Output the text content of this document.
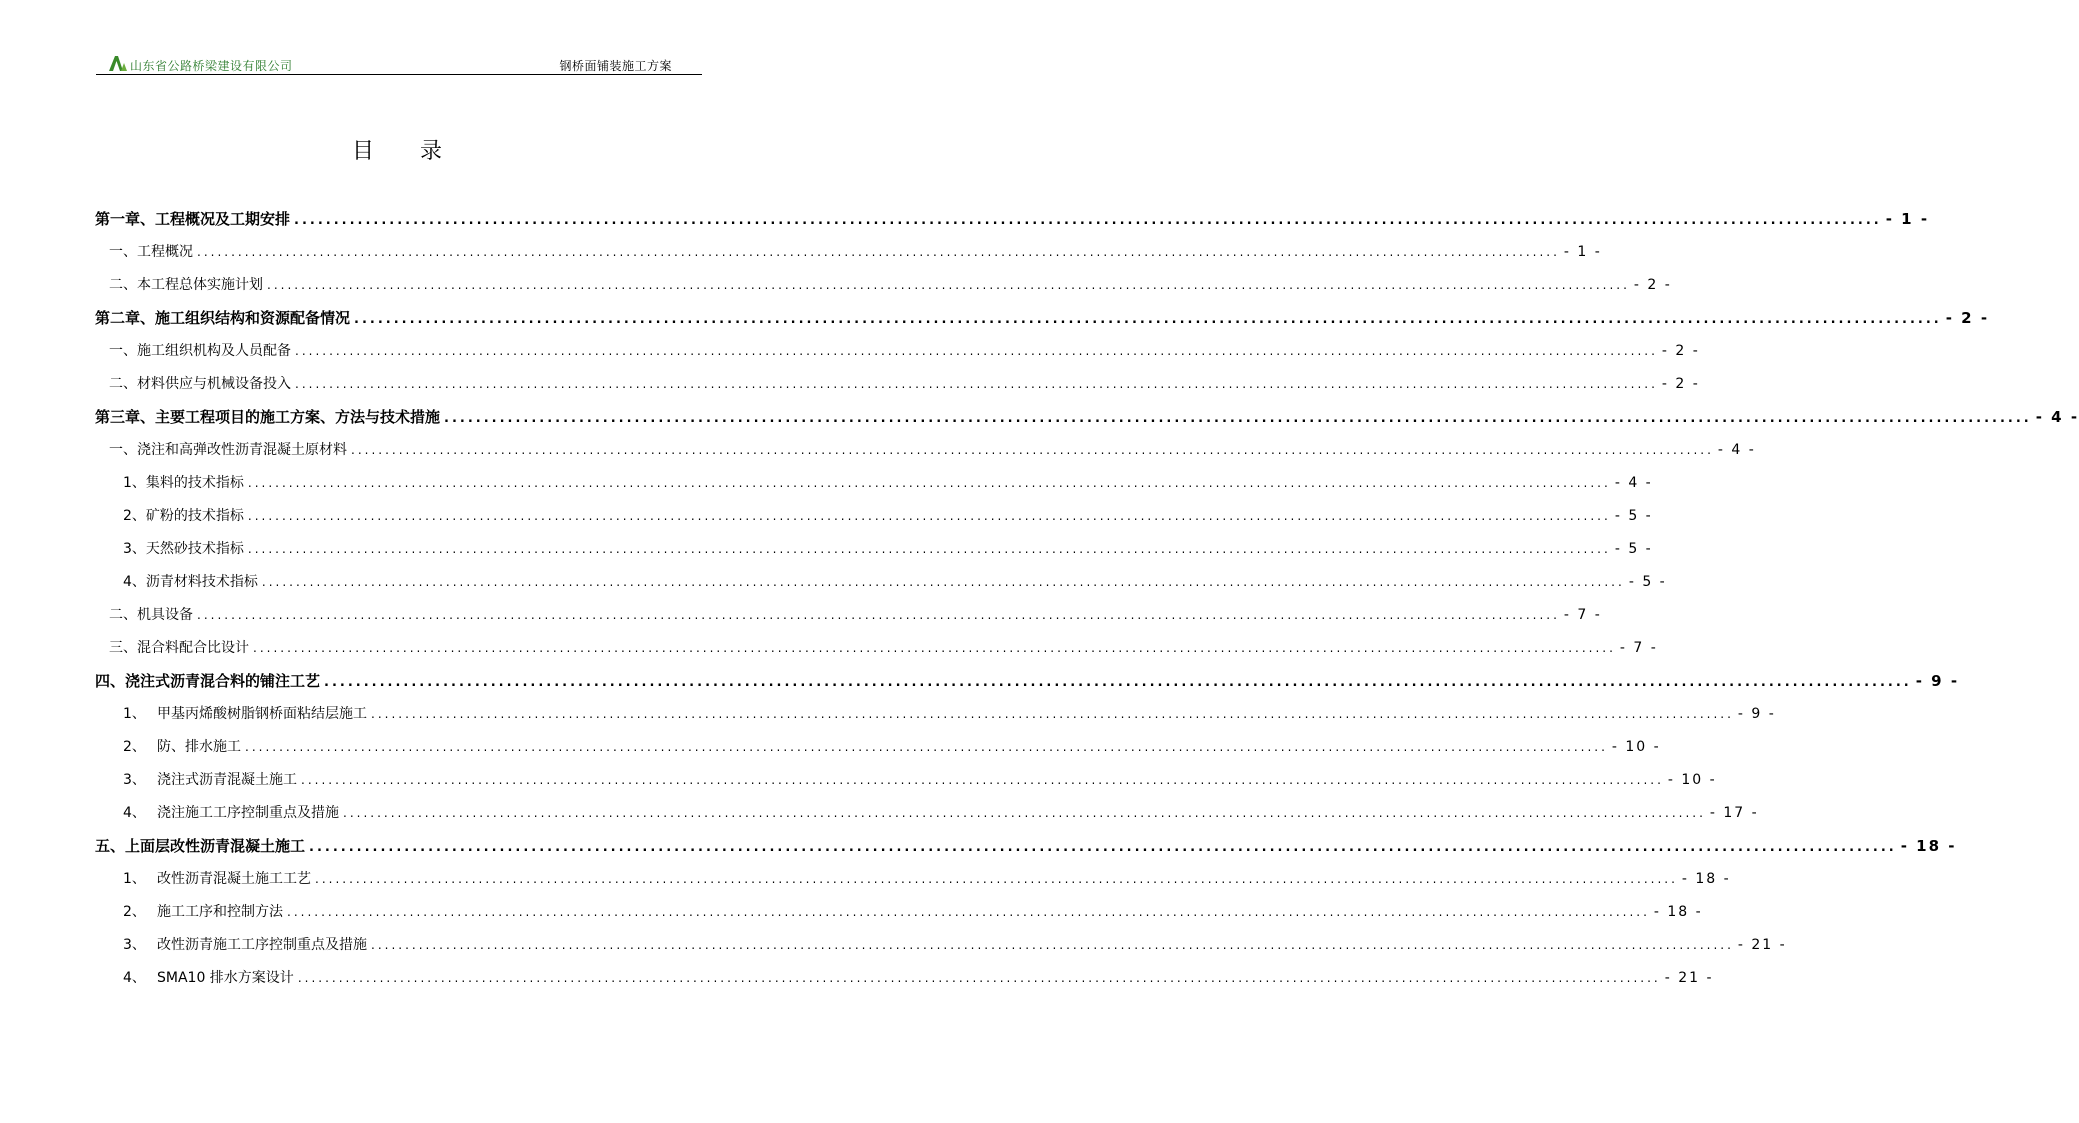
山东省公路桥梁建设有限公司	钢桥面铺装施工方案
目录
第一章、工程概况及工期安排 ........................................................................................................................................................................................................ - 1 -
一、工程概况 ........................................................................................................................................................................................................ - 1 -
二、本工程总体实施计划 ........................................................................................................................................................................................................ - 2 -
第二章、施工组织结构和资源配备情况 ........................................................................................................................................................................................................ - 2 -
一、施工组织机构及人员配备 ........................................................................................................................................................................................................ - 2 -
二、材料供应与机械设备投入 ........................................................................................................................................................................................................ - 2 -
第三章、主要工程项目的施工方案、方法与技术措施 ........................................................................................................................................................................................................ - 4 -
一、浇注和高弹改性沥青混凝土原材料 ........................................................................................................................................................................................................ - 4 -
1、集料的技术指标 ........................................................................................................................................................................................................ - 4 -
2、矿粉的技术指标 ........................................................................................................................................................................................................ - 5 -
3、天然砂技术指标 ........................................................................................................................................................................................................ - 5 -
4、沥青材料技术指标 ........................................................................................................................................................................................................ - 5 -
二、机具设备 ........................................................................................................................................................................................................ - 7 -
三、混合料配合比设计 ........................................................................................................................................................................................................ - 7 -
四、浇注式沥青混合料的铺注工艺 ........................................................................................................................................................................................................ - 9 -
1、 甲基丙烯酸树脂钢桥面粘结层施工 ........................................................................................................................................................................................................ - 9 -
2、 防、排水施工 ........................................................................................................................................................................................................ - 10 -
3、 浇注式沥青混凝土施工 ........................................................................................................................................................................................................ - 10 -
4、 浇注施工工序控制重点及措施 ........................................................................................................................................................................................................ - 17 -
五、上面层改性沥青混凝土施工 ........................................................................................................................................................................................................ - 18 -
1、 改性沥青混凝土施工工艺 ........................................................................................................................................................................................................ - 18 -
2、 施工工序和控制方法 ........................................................................................................................................................................................................ - 18 -
3、 改性沥青施工工序控制重点及措施 ........................................................................................................................................................................................................ - 21 -
4、 SMA10 排水方案设计 ........................................................................................................................................................................................................ - 21 -
